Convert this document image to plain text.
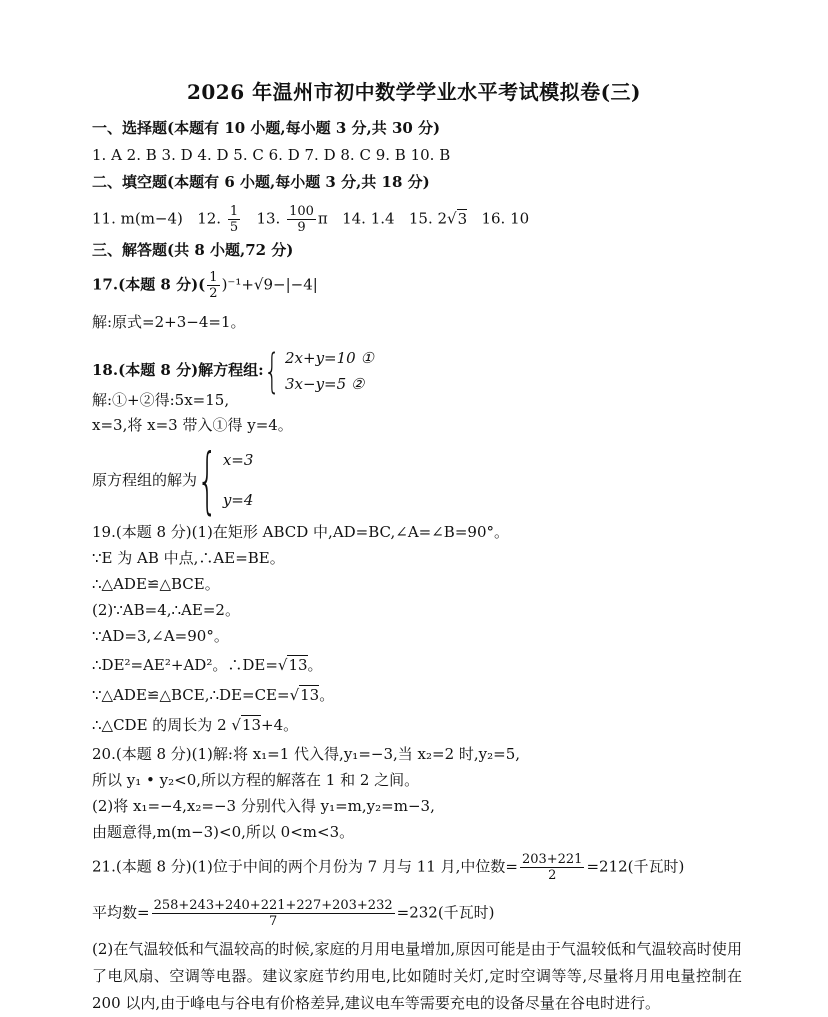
2026 年温州市初中数学学业水平考试模拟卷(三)
一、选择题(本题有 10 小题,每小题 3 分,共 30 分)
1. A 2. B 3. D 4. D 5. C 6. D 7. D 8. C 9. B 10. B
二、填空题(本题有 6 小题,每小题 3 分,共 18 分)
11. m(m−4) 12. $\frac{1}{5} 13$. $\frac{100}{9}$ π 14. 1.4 15. 2√3 16. 10
三、解答题(共 8 小题,72 分)
17.(本题 8 分)( $\frac{1}{2} )^{-1}+√9-|-4|$
解:原式=2+3−4=1。
18.(本题 8 分)解方程组:{ 2x+y=10 ①
3x−y=5 ②
解:①+②得:5x=15,
x=3,将 x=3 带入①得 y=4。
原方程组的解为{ x=3
y=4
19.(本题 8 分)(1)在矩形 ABCD 中,AD=BC,∠A=∠B=90°。
∵E 为 AB 中点,∴AE=BE。
∴△ADE≌△BCE。
(2)∵AB=4,∴AE=2。
∵AD=3,∠A=90°。
∴DE²=AE²+AD²。∴DE=√13。
∵△ADE≌△BCE,∴DE=CE=√13。
∴△CDE 的周长为 2 √13+4。
20.(本题 8 分)(1)解:将 x₁=1 代入得,y₁=−3,当 x₂=2 时,y₂=5,
所以 y₁ • y₂<0,所以方程的解落在 1 和 2 之间。
(2)将 x₁=−4,x₂=−3 分别代入得 y₁=m,y₂=m−3,
由题意得,m(m−3)<0,所以 0<m<3。
21.(本题 8 分)(1)位于中间的两个月份为 7 月与 11 月,中位数= $\frac{203+221}{2} =212$(千瓦时)
平均数= $\frac{258+243+240+221+227+203+232}{7} =232$(千瓦时)
(2)在气温较低和气温较高的时候,家庭的月用电量增加,原因可能是由于气温较低和气温较高时使用了电风扇、空调等电器。建议家庭节约用电,比如随时关灯,定时空调等等,尽量将月用电量控制在 200 以内,由于峰电与谷电有价格差异,建议电车等需要充电的设备尽量在谷电时进行。
